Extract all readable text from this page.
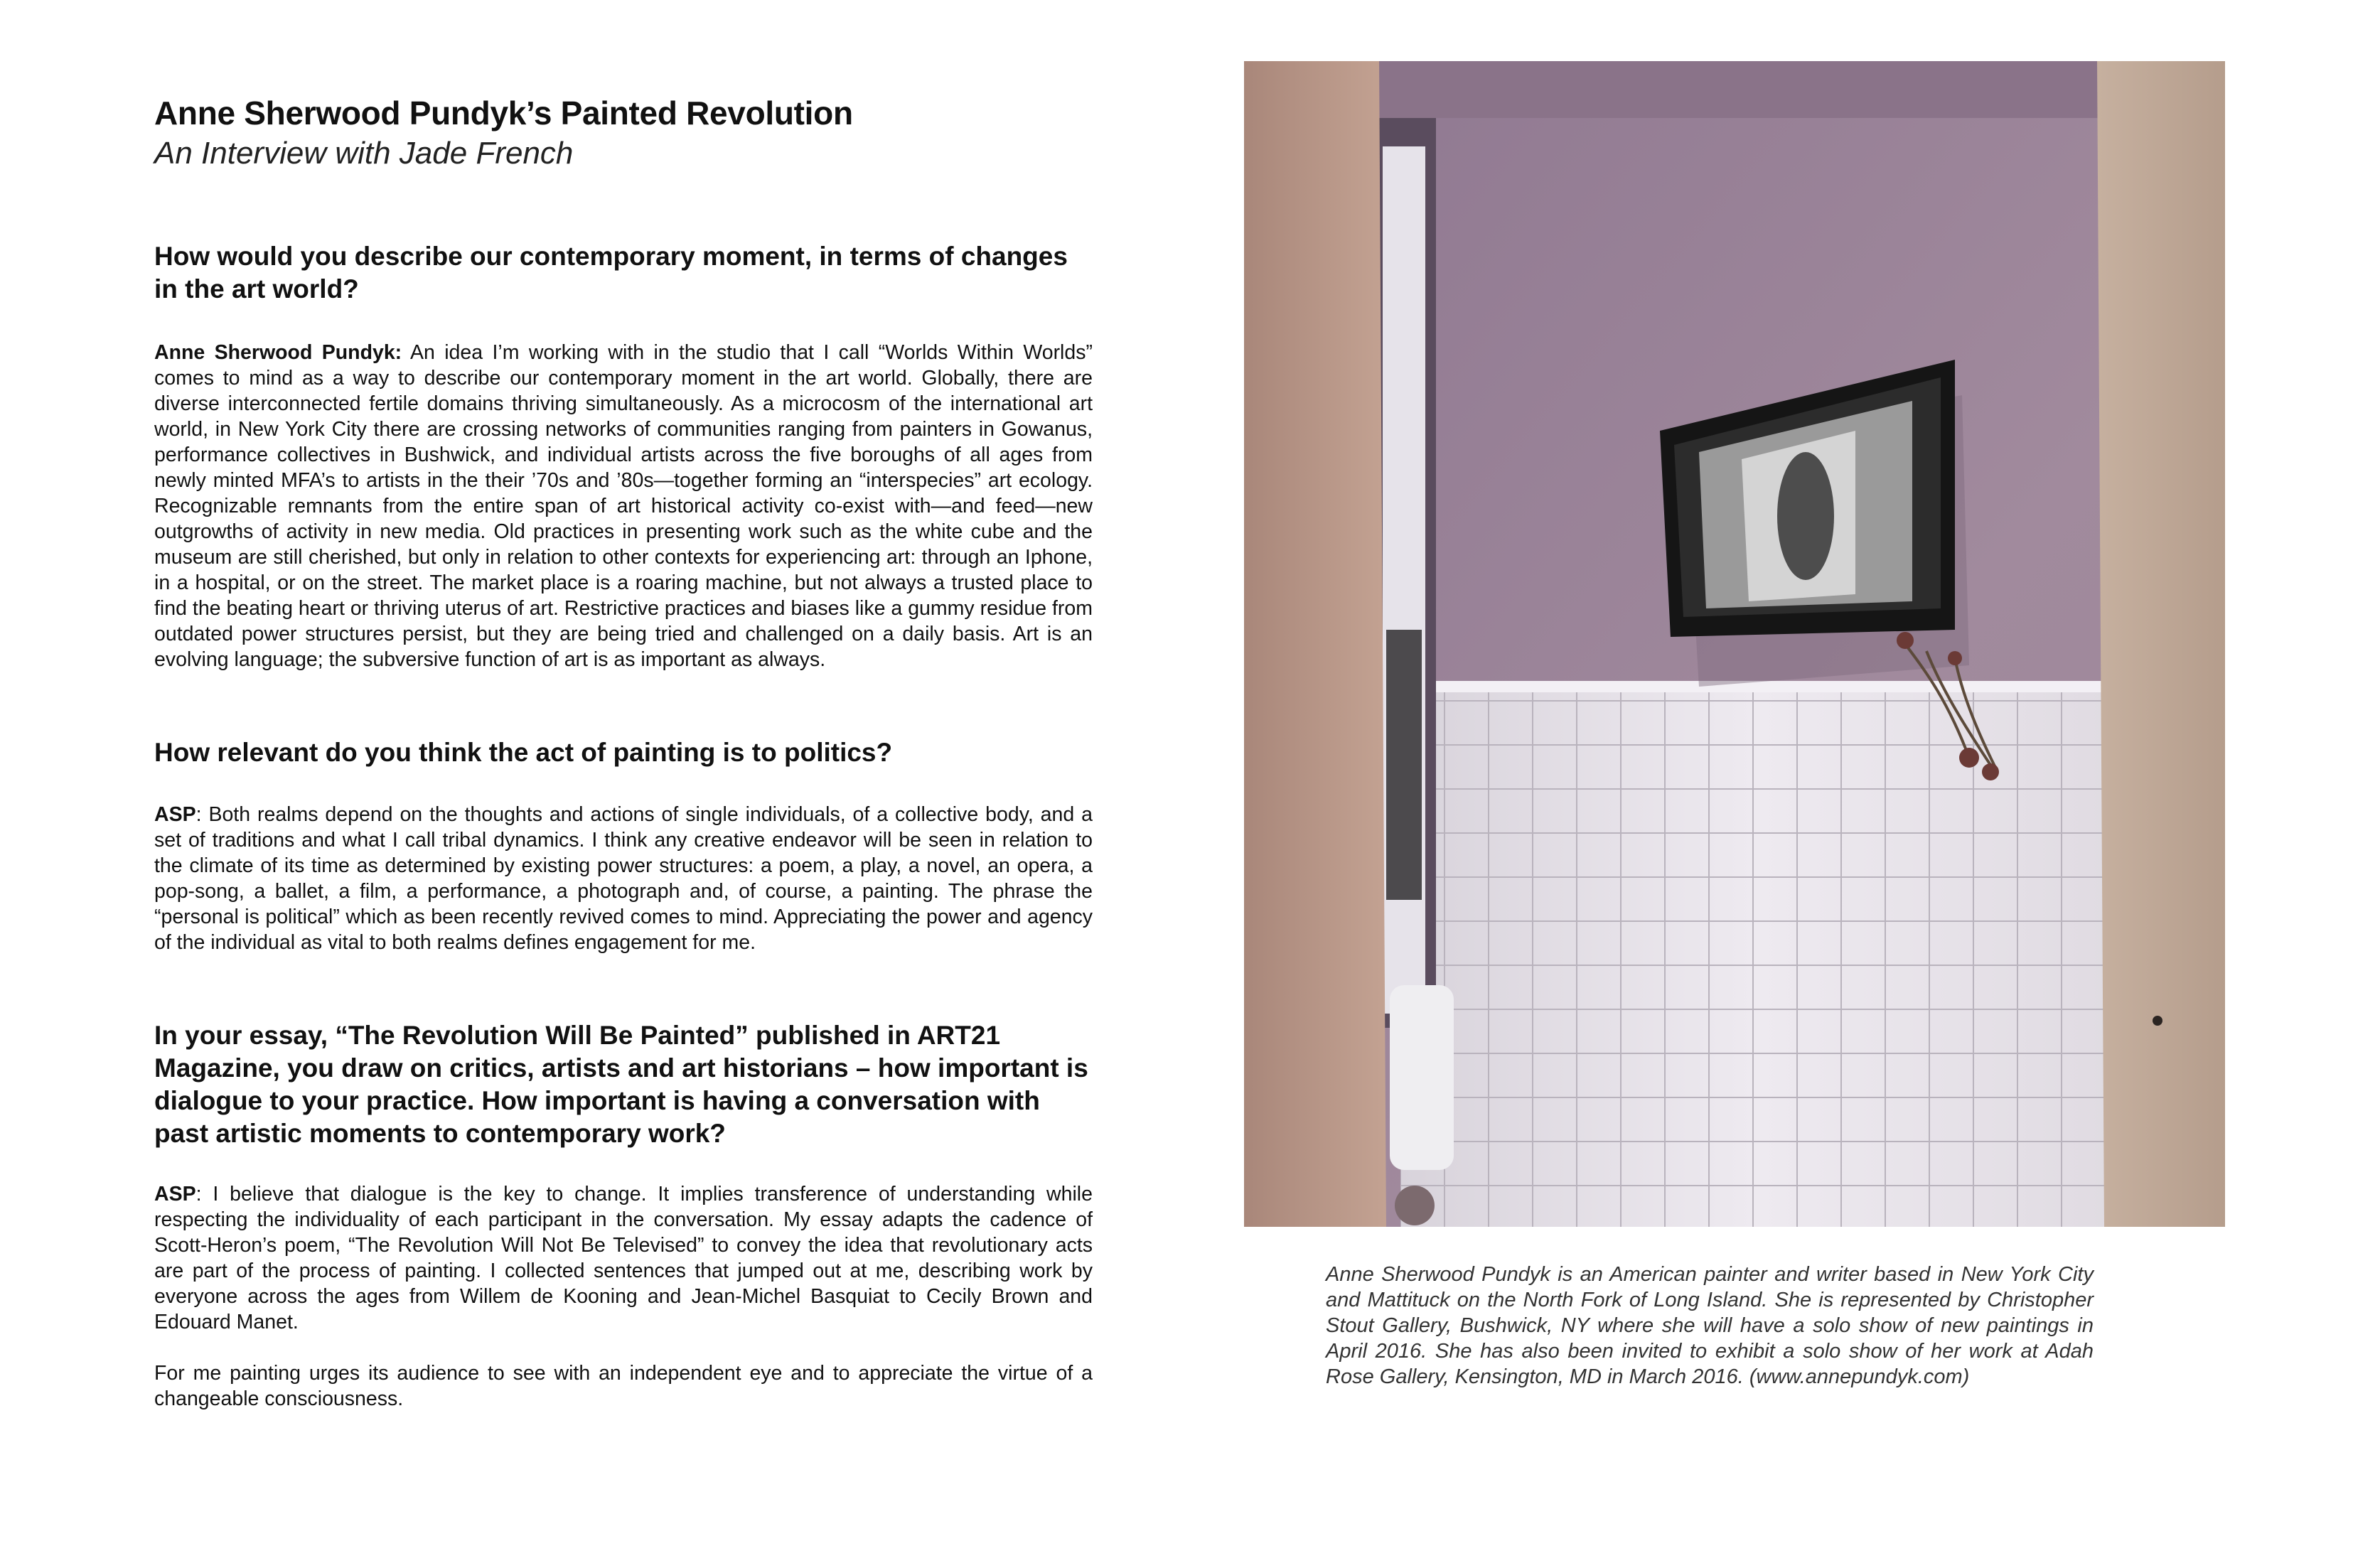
Anne Sherwood Pundyk’s Painted Revolution
An Interview with Jade French
How would you describe our contemporary moment, in terms of changes in the art world?

Anne Sherwood Pundyk: An idea I’m working with in the studio that I call “Worlds Within Worlds” comes to mind as a way to describe our contemporary moment in the art world. Globally, there are diverse interconnected fertile domains thriving simultaneously. As a microcosm of the international art world, in New York City there are crossing networks of communities ranging from painters in Gowanus, performance collectives in Bushwick, and individual artists across the five boroughs of all ages from newly minted MFA’s to artists in the their ’70s and ’80s—together forming an “interspecies” art ecology. Recognizable remnants from the entire span of art historical activity co-exist with—and feed—new outgrowths of activity in new media. Old practices in presenting work such as the white cube and the museum are still cherished, but only in relation to other contexts for experiencing art: through an Iphone, in a hospital, or on the street. The market place is a roaring machine, but not always a trusted place to find the beating heart or thriving uterus of art. Restrictive practices and biases like a gummy residue from outdated power structures persist, but they are being tried and challenged on a daily basis. Art is an evolving language; the subversive function of art is as important as always.

How relevant do you think the act of painting is to politics?

ASP: Both realms depend on the thoughts and actions of single individuals, of a collective body, and a set of traditions and what I call tribal dynamics. I think any creative endeavor will be seen in relation to the climate of its time as determined by existing power structures: a poem, a play, a novel, an opera, a pop-song, a ballet, a film, a performance, a photograph and, of course, a painting. The phrase the “personal is political” which as been recently revived comes to mind. Appreciating the power and agency of the individual as vital to both realms defines engagement for me.

In your essay, “The Revolution Will Be Painted” published in ART21 Magazine, you draw on critics, artists and art historians – how important is dialogue to your practice. How important is having a conversation with past artistic moments to contemporary work?

ASP: I believe that dialogue is the key to change. It implies transference of understanding while respecting the individuality of each participant in the conversation. My essay adapts the cadence of Scott-Heron’s poem, “The Revolution Will Not Be Televised” to convey the idea that revolutionary acts are part of the process of painting. I collected sentences that jumped out at me, describing work by everyone across the ages from Willem de Kooning and Jean-Michel Basquiat to Cecily Brown and Edouard Manet.

For me painting urges its audience to see with an independent eye and to appreciate the virtue of a changeable consciousness.

Anne Sherwood Pundyk is an American painter and writer based in New York City and Mattituck on the North Fork of Long Island. She is represented by Christopher Stout Gallery, Bushwick, NY where she will have a solo show of new paintings in April 2016. She has also been invited to exhibit a solo show of her work at Adah Rose Gallery, Kensington, MD in March 2016. (www.annepundyk.com)
